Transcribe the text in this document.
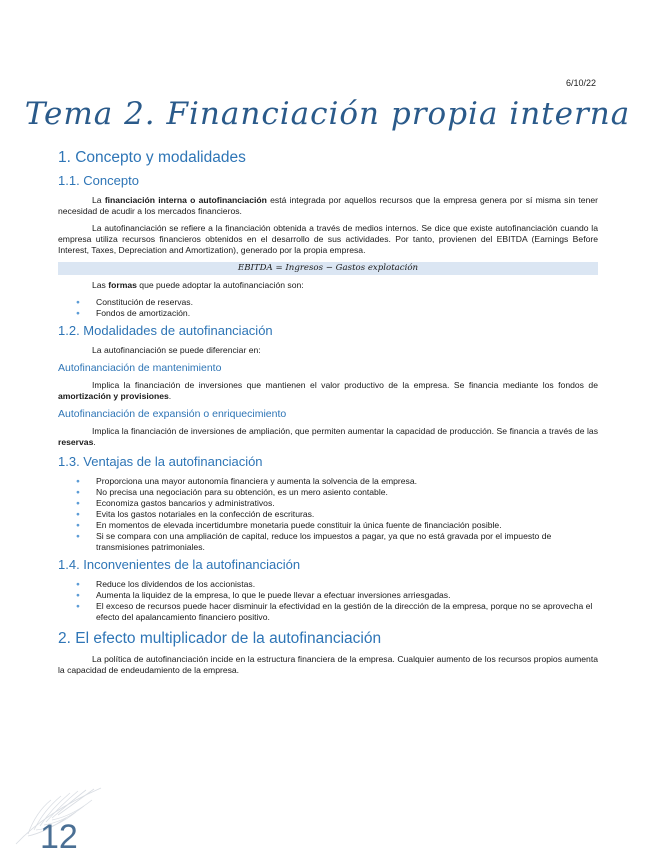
6/10/22
Tema 2. Financiación propia interna
1. Concepto y modalidades
1.1. Concepto

La financiación interna o autofinanciación está integrada por aquellos recursos que la empresa genera por sí misma sin tener necesidad de acudir a los mercados financieros.

La autofinanciación se refiere a la financiación obtenida a través de medios internos. Se dice que existe autofinanciación cuando la empresa utiliza recursos financieros obtenidos en el desarrollo de sus actividades. Por tanto, provienen del EBITDA (Earnings Before Interest, Taxes, Depreciation and Amortization), generado por la propia empresa.

EBITDA = Ingresos − Gastos explotación

Las formas que puede adoptar la autofinanciación son:

● Constitución de reservas.
● Fondos de amortización.
1.2. Modalidades de autofinanciación

La autofinanciación se puede diferenciar en:

Autofinanciación de mantenimiento

Implica la financiación de inversiones que mantienen el valor productivo de la empresa. Se financia mediante los fondos de amortización y provisiones.

Autofinanciación de expansión o enriquecimiento

Implica la financiación de inversiones de ampliación, que permiten aumentar la capacidad de producción. Se financia a través de las reservas.

1.3. Ventajas de la autofinanciación
● Proporciona una mayor autonomía financiera y aumenta la solvencia de la empresa.
● No precisa una negociación para su obtención, es un mero asiento contable.
● Economiza gastos bancarios y administrativos.
● Evita los gastos notariales en la confección de escrituras.
● En momentos de elevada incertidumbre monetaria puede constituir la única fuente de financiación posible.
● Si se compara con una ampliación de capital, reduce los impuestos a pagar, ya que no está gravada por el impuesto de transmisiones patrimoniales.
1.4. Inconvenientes de la autofinanciación
● Reduce los dividendos de los accionistas.
● Aumenta la liquidez de la empresa, lo que le puede llevar a efectuar inversiones arriesgadas.
● El exceso de recursos puede hacer disminuir la efectividad en la gestión de la dirección de la empresa, porque no se aprovecha el efecto del apalancamiento financiero positivo.
2. El efecto multiplicador de la autofinanciación

La política de autofinanciación incide en la estructura financiera de la empresa. Cualquier aumento de los recursos propios aumenta la capacidad de endeudamiento de la empresa.

12
